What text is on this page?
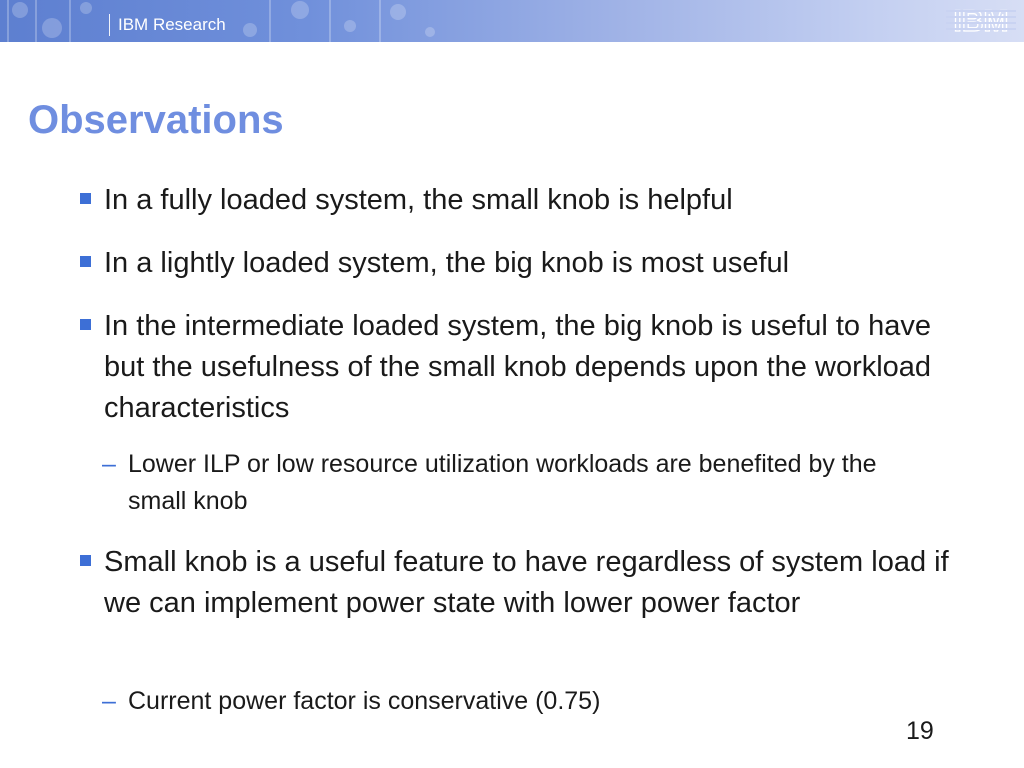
IBM Research	IBM
Observations
In a fully loaded system, the small knob is helpful
In a lightly loaded system, the big knob is most useful
In the intermediate loaded system, the big knob is useful to have but the usefulness of the small knob depends upon the workload characteristics
– Lower ILP or low resource utilization workloads are benefited by the small knob
Small knob is a useful feature to have regardless of system load if we can implement power state with lower power factor
– Current power factor is conservative (0.75)
19
